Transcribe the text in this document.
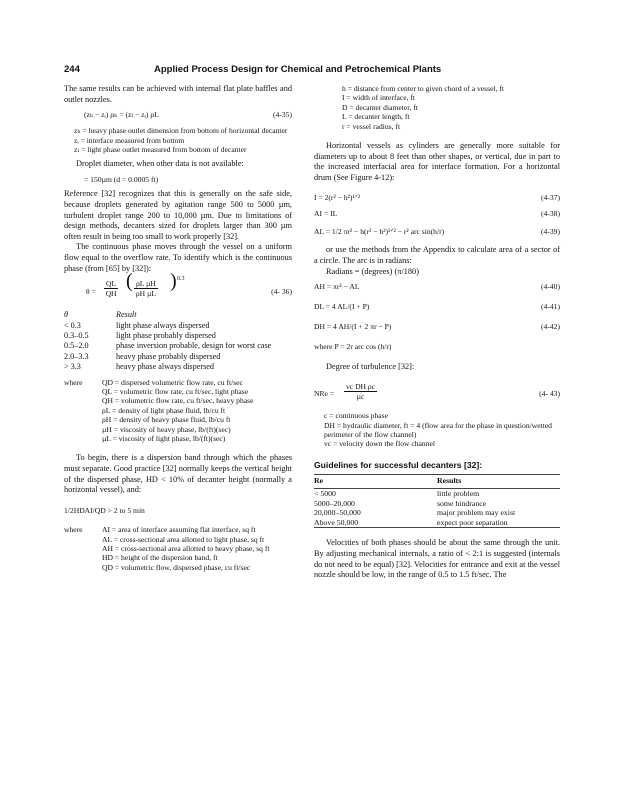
244	Applied Process Design for Chemical and Petrochemical Plants

The same results can be achieved with internal flat plate baffles and outlet nozzles.

(zₕ − zᵢ) ρₕ = (zₗ − zᵢ) ρL	(4-35)
zₕ = heavy phase outlet dimension from bottom of horizontal decanter
zᵢ = interface measured from bottom
zₗ = light phase outlet measured from bottom of decanter

Droplet diameter, when other data is not available:

= 150µm (d = 0.0005 ft)

Reference [32] recognizes that this is generally on the safe side, because droplets generated by agitation range 500 to 5000 µm, turbulent droplet range 200 to 10,000 µm. Due to limitations of design methods, decanters sized for droplets larger than 300 µm often result in being too small to work properly [32].

The continuous phase moves through the vessel on a uniform flow equal to the overflow rate. To identify which is the continuous phase (from [65] by [32]):

$\theta = \frac{QL}{QH}$ ( ρL µH
ρH µL
) 0.3
(4- 36)
θ	Result
< 0.3	light phase always dispersed
0.3–0.5	light phase probably dispersed
0.5–2.0	phase inversion probable, design for worst case
2.0–3.3	heavy phase probably dispersed
> 3.3	heavy phase always dispersed
where	QD = dispersed volumetric flow rate, cu ft/sec
QL = volumetric flow rate, cu ft/sec, light phase
QH = volumetric flow rate, cu ft/sec, heavy phase
ρL = density of light phase fluid, lb/cu ft
ρH = density of heavy phase fluid, lb/cu ft
µH = viscosity of heavy phase, lb/(ft)(sec)
µL = viscosity of light phase, lb/(ft)(sec)

To begin, there is a dispersion band through which the phases must separate. Good practice [32] normally keeps the vertical height of the dispersed phase, HD < 10% of decanter height (normally a horizontal vessel), and:

1/2HDAI/QD > 2 to 5 min

where	AI = area of interface assuming flat interface, sq ft
AL = cross-sectional area allotted to light phase, sq ft
AH = cross-sectional area allotted to heavy phase, sq ft
HD = height of the dispersion band, ft
QD = volumetric flow, dispersed phase, cu ft/sec
h = distance from center to given chord of a vessel, ft
I = width of interface, ft
D = decanter diameter, ft
L = decanter length, ft
r = vessel radius, ft

Horizontal vessels as cylinders are generally more suitable for diameters up to about 8 feet than other shapes, or vertical, due in part to the increased interfacial area for interface formation. For a horizontal drum (See Figure 4-12):

I = 2(r² − h²)¹ᐟ²	(4-37)
AI = IL	(4-38)
AL = 1/2 πr² − h(r² − h²)¹ᐟ² − r² arc sin(h/r)	(4-39)

or use the methods from the Appendix to calculate area of a sector of a circle. The arc is in radians:

Radians = (degrees) (π/180)

AH = πr² − AL	(4-40)
DL = 4 AL/(I + P)	(4-41)
DH = 4 AH/(I + 2 πr − P)	(4-42)

where P = 2r arc cos (h/r)

Degree of turbulence [32]:

NRe =
vc DH ρc
µc	(4- 43)
c = continuous phase
DH = hydraulic diameter, ft = 4 (flow area for the phase in question/wetted perimeter of the flow channel)
vc = velocity down the flow channel

Guidelines for successful decanters [32]:

Re	Results
< 5000	little problem
5000–20,000	some hindrance
20,000–50,000	major problem may exist
Above 50,000	expect poor separation

Velocities of both phases should be about the same through the unit. By adjusting mechanical internals, a ratio of < 2:1 is suggested (internals do not need to be equal) [32]. Velocities for entrance and exit at the vessel nozzle should be low, in the range of 0.5 to 1.5 ft/sec. The
